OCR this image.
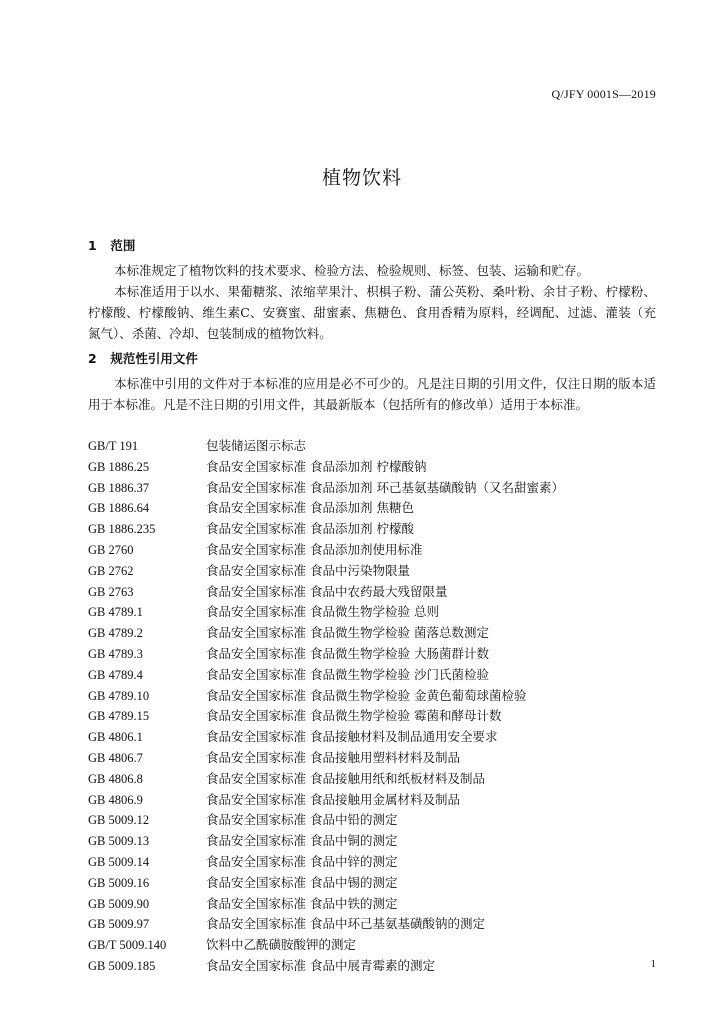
Q/JFY 0001S—2019
植物饮料
1 范围
本标准规定了植物饮料的技术要求、检验方法、检验规则、标签、包装、运输和贮存。
本标准适用于以水、果葡糖浆、浓缩苹果汁、枳椇子粉、蒲公英粉、桑叶粉、余甘子粉、柠檬粉、柠檬酸、柠檬酸钠、维生素C、安赛蜜、甜蜜素、焦糖色、食用香精为原料，经调配、过滤、灌装（充氮气）、杀菌、冷却、包装制成的植物饮料。
2 规范性引用文件
本标准中引用的文件对于本标准的应用是必不可少的。凡是注日期的引用文件，仅注日期的版本适用于本标准。凡是不注日期的引用文件，其最新版本（包括所有的修改单）适用于本标准。
GB/T 191	包装储运图示标志
GB 1886.25	食品安全国家标准 食品添加剂 柠檬酸钠
GB 1886.37	食品安全国家标准 食品添加剂 环己基氨基磺酸钠（又名甜蜜素）
GB 1886.64	食品安全国家标准 食品添加剂 焦糖色
GB 1886.235	食品安全国家标准 食品添加剂 柠檬酸
GB 2760	食品安全国家标准 食品添加剂使用标准
GB 2762	食品安全国家标准 食品中污染物限量
GB 2763	食品安全国家标准 食品中农药最大残留限量
GB 4789.1	食品安全国家标准 食品微生物学检验 总则
GB 4789.2	食品安全国家标准 食品微生物学检验 菌落总数测定
GB 4789.3	食品安全国家标准 食品微生物学检验 大肠菌群计数
GB 4789.4	食品安全国家标准 食品微生物学检验 沙门氏菌检验
GB 4789.10	食品安全国家标准 食品微生物学检验 金黄色葡萄球菌检验
GB 4789.15	食品安全国家标准 食品微生物学检验 霉菌和酵母计数
GB 4806.1	食品安全国家标准 食品接触材料及制品通用安全要求
GB 4806.7	食品安全国家标准 食品接触用塑料材料及制品
GB 4806.8	食品安全国家标准 食品接触用纸和纸板材料及制品
GB 4806.9	食品安全国家标准 食品接触用金属材料及制品
GB 5009.12	食品安全国家标准 食品中铅的测定
GB 5009.13	食品安全国家标准 食品中铜的测定
GB 5009.14	食品安全国家标准 食品中锌的测定
GB 5009.16	食品安全国家标准 食品中锡的测定
GB 5009.90	食品安全国家标准 食品中铁的测定
GB 5009.97	食品安全国家标准 食品中环己基氨基磺酸钠的测定
GB/T 5009.140	饮料中乙酰磺胺酸钾的测定
GB 5009.185	食品安全国家标准 食品中展青霉素的测定	1
